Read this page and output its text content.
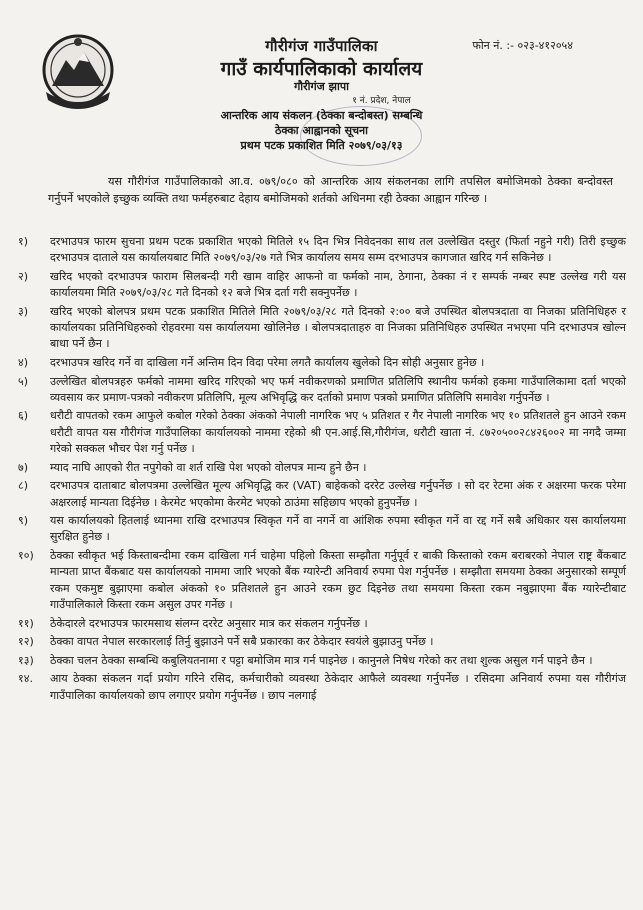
फोन नं. :- ०२३-४१२०५४
गौरीगंज गाउँपालिका
गाउँ कार्यपालिकाको कार्यालय
गौरीगंज झापा
१ नं. प्रदेश, नेपाल
आन्तरिक आय संकलन (ठेक्का बन्दोबस्त) सम्बन्धि
ठेक्का आह्वानको सूचना
प्रथम पटक प्रकाशित मिति २०७९/०३/१३

यस गौरीगंज गाउँपालिकाको आ.व. ०७९/०८० को आन्तरिक आय संकलनका लागि तपसिल बमोजिमको ठेक्का बन्दोवस्त गर्नुपर्ने भएकोले इच्छुक व्यक्ति तथा फर्महरुबाट देहाय बमोजिमको शर्तको अधिनमा रही ठेक्का आह्वान गरिन्छ ।

१)	दरभाउपत्र फारम सुचना प्रथम पटक प्रकाशित भएको मितिले १५ दिन भित्र निवेदनका साथ तल उल्लेखित दस्तुर (फिर्ता नहुने गरी) तिरी इच्छुक दरभाउपत्र दाताले यस कार्यालयबाट मिति २०७९/०३/२७ गते भित्र कार्यालय समय सम्म दरभाउपत्र कागजात खरिद गर्न सकिनेछ ।
२)	खरिद भएको दरभाउपत्र फाराम सिलबन्दी गरी खाम वाहिर आफनो वा फर्मको नाम, ठेगाना, ठेक्का नं र सम्पर्क नम्बर स्पष्ट उल्लेख गरी यस कार्यालयमा मिति २०७९/०३/२८ गते दिनको १२ बजे भित्र दर्ता गरी सक्नुपर्नेछ ।
३)	खरिद भएको बोलपत्र प्रथम पटक प्रकाशित मितिले मिति २०७९/०३/२८ गते दिनको २:०० बजे उपस्थित बोलपत्रदाता वा निजका प्रतिनिधिहरु र कार्यालयका प्रतिनिधिहरुको रोहवरमा यस कार्यालयमा खोलिनेछ । बोलपत्रदाताहरु वा निजका प्रतिनिधिहरु उपस्थित नभएमा पनि दरभाउपत्र खोल्न बाधा पर्ने छैन ।
४)	दरभाउपत्र खरिद गर्ने वा दाखिला गर्ने अन्तिम दिन विदा परेमा लगतै कार्यालय खुलेको दिन सोही अनुसार हुनेछ ।
५)	उल्लेखित बोलपत्रहरु फर्मको नाममा खरिद गरिएको भए फर्म नवीकरणको प्रमाणित प्रतिलिपि स्थानीय फर्मको हकमा गाउँपालिकामा दर्ता भएको व्यवसाय कर प्रमाण-पत्रको नवीकरण प्रतिलिपि, मूल्य अभिवृद्धि कर दर्ताको प्रमाण पत्रको प्रमाणित प्रतिलिपि समावेश गर्नुपर्नेछ ।
६)	धरौटी वापतको रकम आफुले कबोल गरेको ठेक्का अंकको नेपाली नागरिक भए ५ प्रतिशत र गैर नेपाली नागरिक भए १० प्रतिशतले हुन आउने रकम धरौटी वापत यस गौरीगंज गाउँपालिका कार्यालयको नाममा रहेको श्री एन.आई.सि,गौरीगंज, धरौटी खाता नं. ८७२०५००२८४२६००२ मा नगदै जम्मा गरेको सक्कल भौचर पेश गर्नु पर्नेछ ।
७)	म्याद नाघि आएको रीत नपुगेको वा शर्त राखि पेश भएको वोलपत्र मान्य हुने छैन ।
८)	दरभाउपत्र दाताबाट बोलपत्रमा उल्लेखित मूल्य अभिवृद्धि कर (VAT) बाहेकको दररेट उल्लेख गर्नुपर्नेछ । सो दर रेटमा अंक र अक्षरमा फरक परेमा अक्षरलाई मान्यता दिईनेछ । केरमेट भएकोमा केरमेट भएको ठाउंमा सहिछाप भएको हुनुपर्नेछ ।
९)	यस कार्यालयको हितलाई ध्यानमा राखि दरभाउपत्र स्विकृत गर्ने वा नगर्ने वा आंशिक रुपमा स्वीकृत गर्ने वा रद्द गर्ने सबै अधिकार यस कार्यालयमा सुरक्षित हुनेछ ।
१०)	ठेक्का स्वीकृत भई किस्ताबन्दीमा रकम दाखिला गर्न चाहेमा पहिलो किस्ता सम्झौता गर्नुपूर्व र बाकी किस्ताको रकम बराबरको नेपाल राष्ट्र बैंकबाट मान्यता प्राप्त बैंकबाट यस कार्यालयको नाममा जारि भएको बैंक ग्यारेन्टी अनिवार्य रुपमा पेश गर्नुपर्नेछ । सम्झौता समयमा ठेक्का अनुसारको सम्पूर्ण रकम एकमुष्ट बुझाएमा कबोल अंकको १० प्रतिशतले हुन आउने रकम छुट दिइनेछ तथा समयमा किस्ता रकम नबुझाएमा बैंक ग्यारेन्टीबाट गाउँपालिकाले किस्ता रकम असुल उपर गर्नेछ ।
११)	ठेकेदारले दरभाउपत्र फारमसाथ संलग्न दररेट अनुसार मात्र कर संकलन गर्नुपर्नेछ ।
१२)	ठेक्का वापत नेपाल सरकारलाई तिर्नु बुझाउने पर्ने सबै प्रकारका कर ठेकेदार स्वयंले बुझाउनु पर्नेछ ।
१३)	ठेक्का चलन ठेक्का सम्बन्धि कबुलियतनामा र पट्टा बमोजिम मात्र गर्न पाइनेछ । कानुनले निषेध गरेको कर तथा शुल्क असुल गर्न पाइने छैन ।
१४.	आय ठेक्का संकलन गर्दा प्रयोग गरिने रसिद, कर्मचारीको व्यवस्था ठेकेदार आफैले व्यवस्था गर्नुपर्नेछ । रसिदमा अनिवार्य रुपमा यस गौरीगंज गाउँपालिका कार्यालयको छाप लगाएर प्रयोग गर्नुपर्नेछ । छाप नलगाई
